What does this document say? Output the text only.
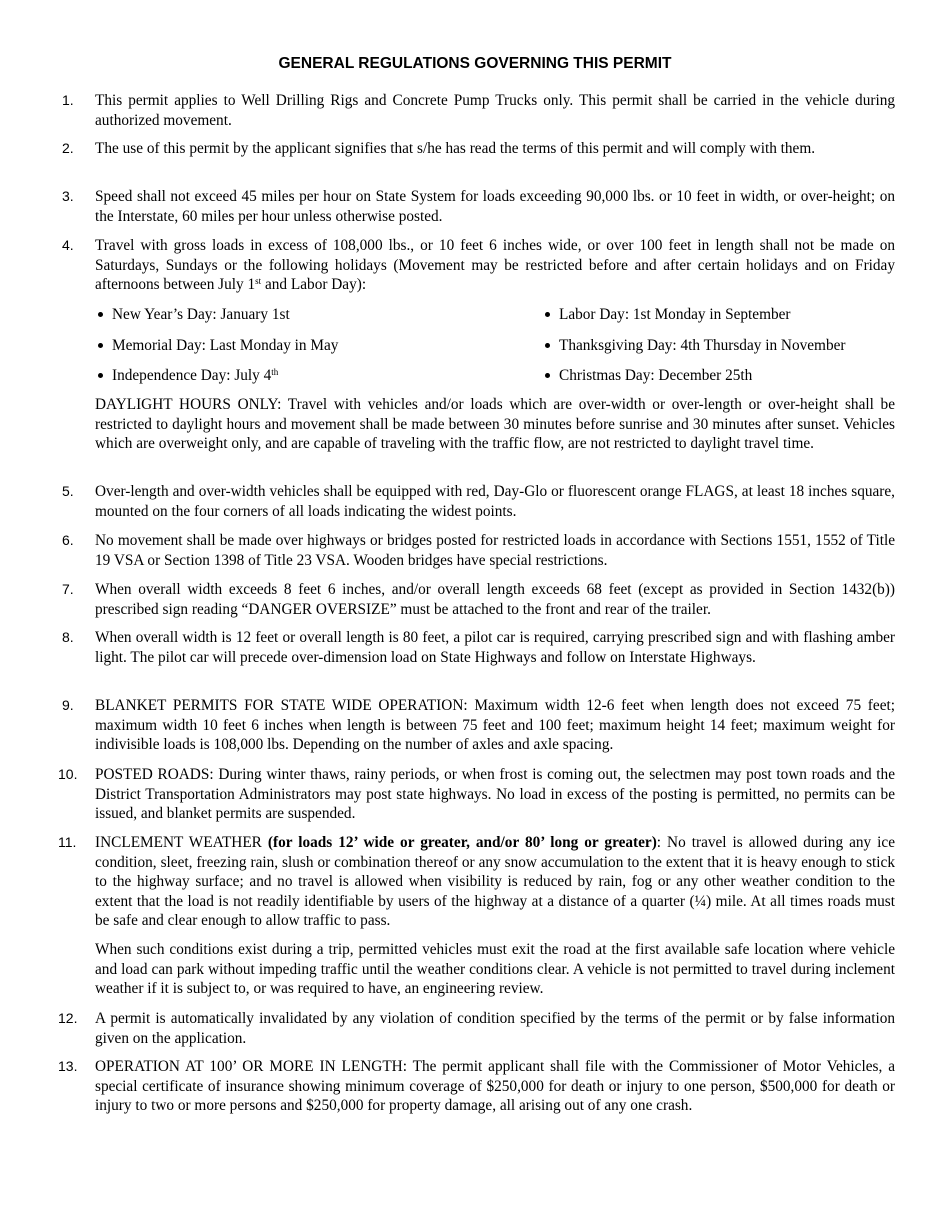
GENERAL REGULATIONS GOVERNING THIS PERMIT
1. This permit applies to Well Drilling Rigs and Concrete Pump Trucks only. This permit shall be carried in the vehicle during authorized movement.
2. The use of this permit by the applicant signifies that s/he has read the terms of this permit and will comply with them.
3. Speed shall not exceed 45 miles per hour on State System for loads exceeding 90,000 lbs. or 10 feet in width, or over-height; on the Interstate, 60 miles per hour unless otherwise posted.
4. Travel with gross loads in excess of 108,000 lbs., or 10 feet 6 inches wide, or over 100 feet in length shall not be made on Saturdays, Sundays or the following holidays (Movement may be restricted before and after certain holidays and on Friday afternoons between July 1st and Labor Day):
New Year’s Day: January 1st	Labor Day: 1st Monday in September
Memorial Day: Last Monday in May	Thanksgiving Day: 4th Thursday in November
Independence Day: July 4th	Christmas Day: December 25th
DAYLIGHT HOURS ONLY: Travel with vehicles and/or loads which are over-width or over-length or over-height shall be restricted to daylight hours and movement shall be made between 30 minutes before sunrise and 30 minutes after sunset. Vehicles which are overweight only, and are capable of traveling with the traffic flow, are not restricted to daylight travel time.
5. Over-length and over-width vehicles shall be equipped with red, Day-Glo or fluorescent orange FLAGS, at least 18 inches square, mounted on the four corners of all loads indicating the widest points.
6. No movement shall be made over highways or bridges posted for restricted loads in accordance with Sections 1551, 1552 of Title 19 VSA or Section 1398 of Title 23 VSA. Wooden bridges have special restrictions.
7. When overall width exceeds 8 feet 6 inches, and/or overall length exceeds 68 feet (except as provided in Section 1432(b)) prescribed sign reading “DANGER OVERSIZE” must be attached to the front and rear of the trailer.
8. When overall width is 12 feet or overall length is 80 feet, a pilot car is required, carrying prescribed sign and with flashing amber light. The pilot car will precede over-dimension load on State Highways and follow on Interstate Highways.
9. BLANKET PERMITS FOR STATE WIDE OPERATION: Maximum width 12-6 feet when length does not exceed 75 feet; maximum width 10 feet 6 inches when length is between 75 feet and 100 feet; maximum height 14 feet; maximum weight for indivisible loads is 108,000 lbs. Depending on the number of axles and axle spacing.
10. POSTED ROADS: During winter thaws, rainy periods, or when frost is coming out, the selectmen may post town roads and the District Transportation Administrators may post state highways. No load in excess of the posting is permitted, no permits can be issued, and blanket permits are suspended.
11. INCLEMENT WEATHER (for loads 12’ wide or greater, and/or 80’ long or greater): No travel is allowed during any ice condition, sleet, freezing rain, slush or combination thereof or any snow accumulation to the extent that it is heavy enough to stick to the highway surface; and no travel is allowed when visibility is reduced by rain, fog or any other weather condition to the extent that the load is not readily identifiable by users of the highway at a distance of a quarter (¼) mile. At all times roads must be safe and clear enough to allow traffic to pass.
When such conditions exist during a trip, permitted vehicles must exit the road at the first available safe location where vehicle and load can park without impeding traffic until the weather conditions clear. A vehicle is not permitted to travel during inclement weather if it is subject to, or was required to have, an engineering review.
12. A permit is automatically invalidated by any violation of condition specified by the terms of the permit or by false information given on the application.
13. OPERATION AT 100’ OR MORE IN LENGTH: The permit applicant shall file with the Commissioner of Motor Vehicles, a special certificate of insurance showing minimum coverage of $250,000 for death or injury to one person, $500,000 for death or injury to two or more persons and $250,000 for property damage, all arising out of any one crash.
